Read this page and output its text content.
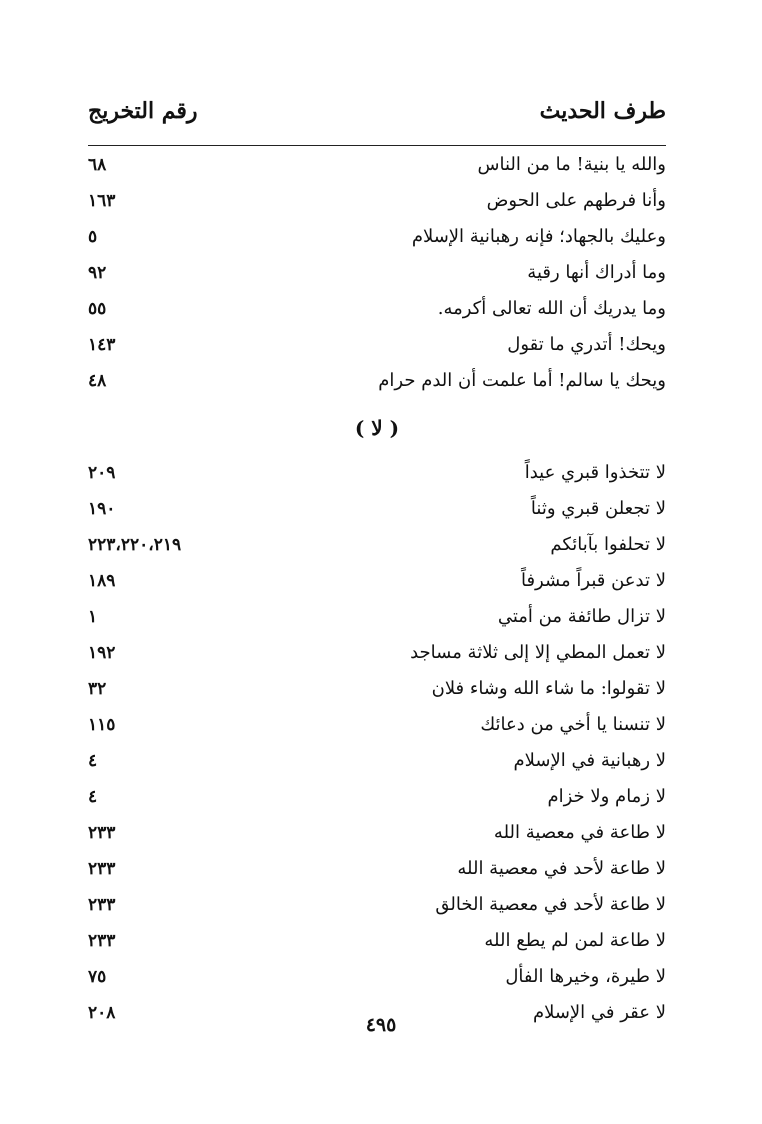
طرف الحديث
رقم التخريج
والله يا بنية! ما من الناس
٦٨
وأنا فرطهم على الحوض
١٦٣
وعليك بالجهاد؛ فإنه رهبانية الإسلام
٥
وما أدراك أنها رقية
٩٢
وما يدريك أن الله تعالى أكرمه.
٥٥
ويحك! أتدري ما تقول
١٤٣
ويحك يا سالم! أما علمت أن الدم حرام
٤٨
( لا )
لا تتخذوا قبري عيداً
٢٠٩
لا تجعلن قبري وثناً
١٩٠
لا تحلفوا بآبائكم
٢٢٣،٢٢٠،٢١٩
لا تدعن قبراً مشرفاً
١٨٩
لا تزال طائفة من أمتي
١
لا تعمل المطي إلا إلى ثلاثة مساجد
١٩٢
لا تقولوا: ما شاء الله وشاء فلان
٣٢
لا تنسنا يا أخي من دعائك
١١٥
لا رهبانية في الإسلام
٤
لا زمام ولا خزام
٤
لا طاعة في معصية الله
٢٣٣
لا طاعة لأحد في معصية الله
٢٣٣
لا طاعة لأحد في معصية الخالق
٢٣٣
لا طاعة لمن لم يطع الله
٢٣٣
لا طيرة، وخيرها الفأل
٧٥
لا عقر في الإسلام
٢٠٨
٤٩٥
